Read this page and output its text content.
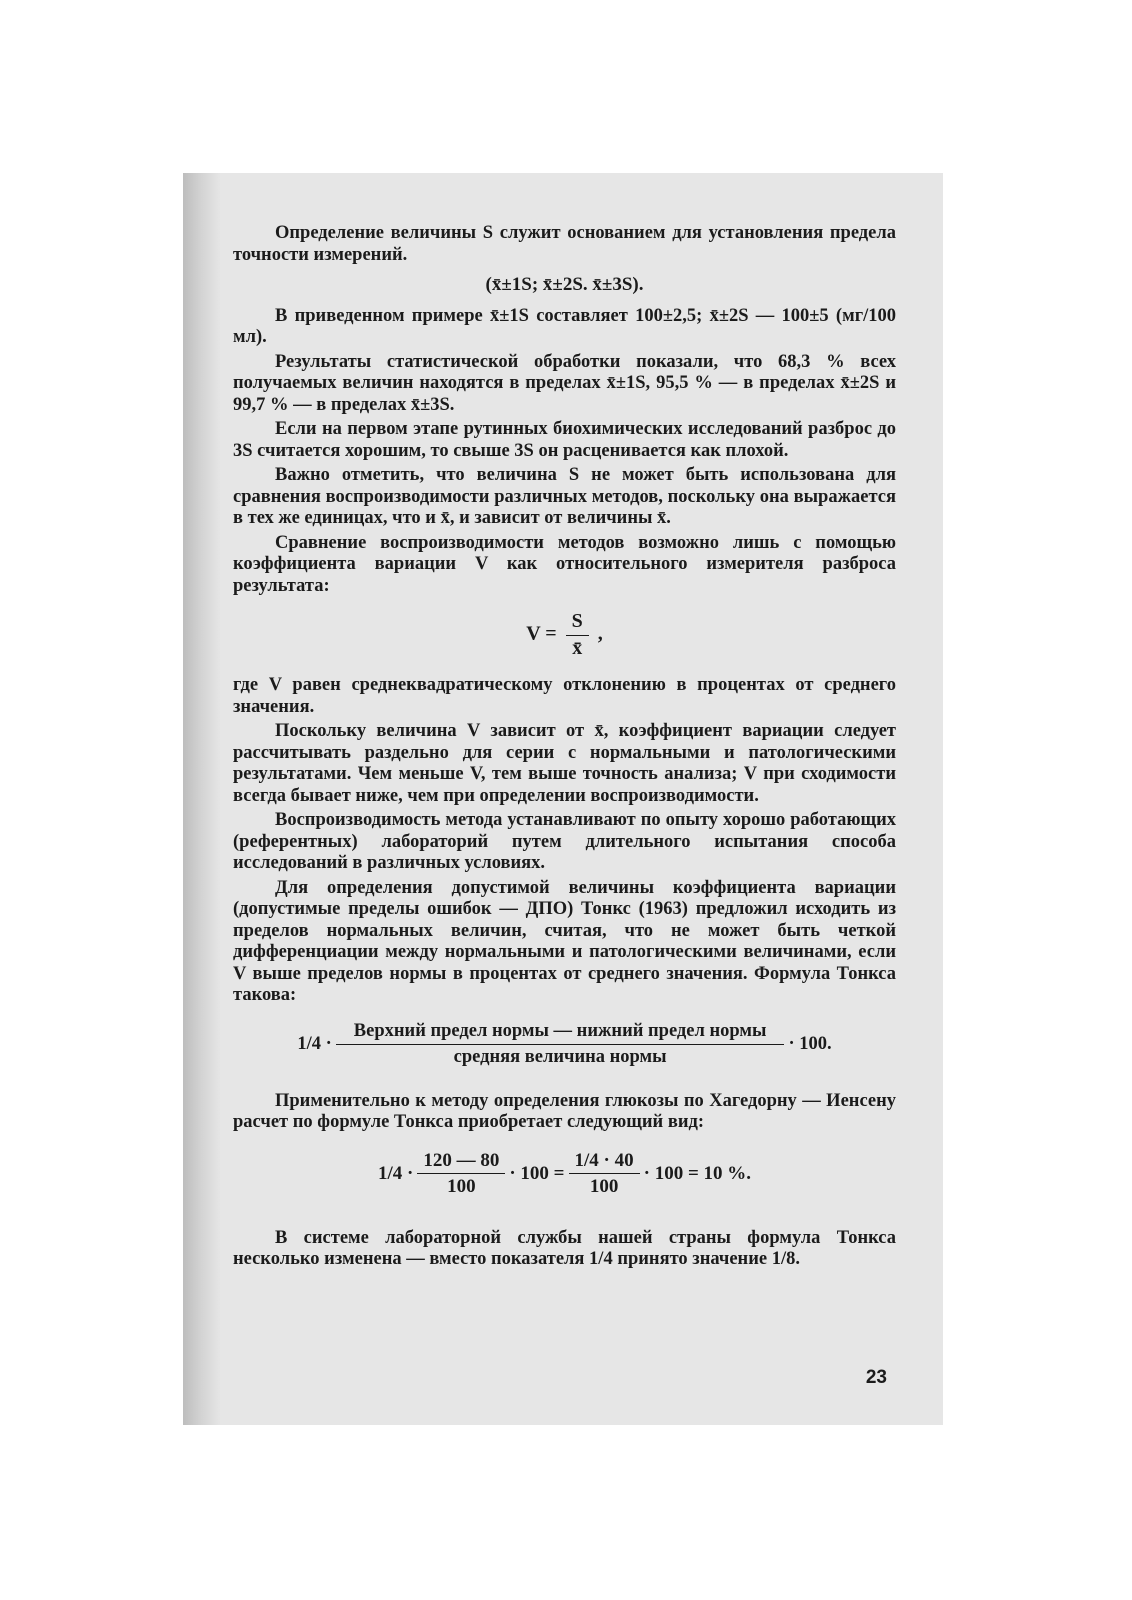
Определение величины S служит основанием для установления предела точности измерений.

(x̄±1S; x̄±2S. x̄±3S).

В приведенном примере x̄±1S составляет 100±2,5; x̄±2S — 100±5 (мг/100 мл).

Результаты статистической обработки показали, что 68,3 % всех получаемых величин находятся в пределах x̄±1S, 95,5 % — в пределах x̄±2S и 99,7 % — в пределах x̄±3S.

Если на первом этапе рутинных биохимических исследований разброс до 3S считается хорошим, то свыше 3S он расценивается как плохой.

Важно отметить, что величина S не может быть использована для сравнения воспроизводимости различных методов, поскольку она выражается в тех же единицах, что и x̄, и зависит от величины x̄.

Сравнение воспроизводимости методов возможно лишь с помощью коэффициента вариации V как относительного измерителя разброса результата:

$V = \frac{S}{x̄}$ ,

где V равен среднеквадратическому отклонению в процентах от среднего значения.

Поскольку величина V зависит от x̄, коэффициент вариации следует рассчитывать раздельно для серии с нормальными и патологическими результатами. Чем меньше V, тем выше точность анализа; V при сходимости всегда бывает ниже, чем при определении воспроизводимости.

Воспроизводимость метода устанавливают по опыту хорошо работающих (референтных) лабораторий путем длительного испытания способа исследований в различных условиях.

Для определения допустимой величины коэффициента вариации (допустимые пределы ошибок — ДПО) Тонкс (1963) предложил исходить из пределов нормальных величин, считая, что не может быть четкой дифференциации между нормальными и патологическими величинами, если V выше пределов нормы в процентах от среднего значения. Формула Тонкса такова:

$1/4 \cdot \frac{\text{Верхний предел нормы — нижний предел нормы}}{\text{средняя величина нормы}} \cdot 100$.

Применительно к методу определения глюкозы по Хагедорну — Иенсену расчет по формуле Тонкса приобретает следующий вид:

$1/4 \cdot \frac{120 — 80}{100} \cdot 100 = \frac{1/4 \cdot 40}{100} \cdot 100 = 10$ %.

В системе лабораторной службы нашей страны формула Тонкса несколько изменена — вместо показателя 1/4 принято значение 1/8.

23
